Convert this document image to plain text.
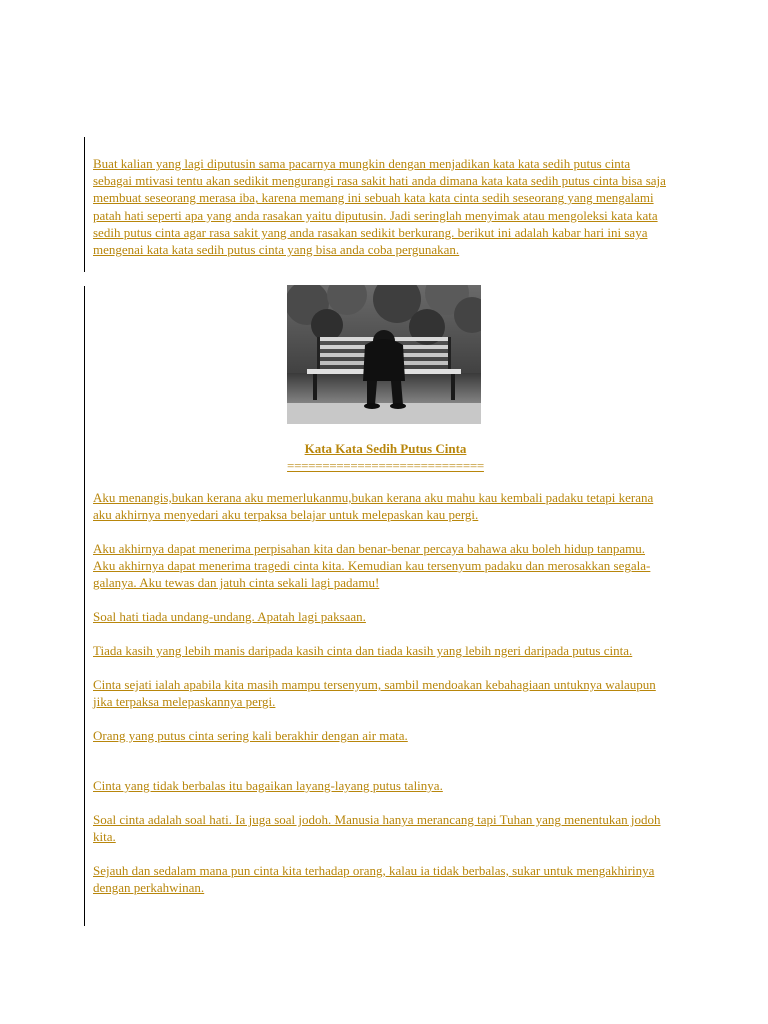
Buat kalian yang lagi diputusin sama pacarnya mungkin dengan menjadikan kata kata sedih putus cinta sebagai mtivasi tentu akan sedikit mengurangi rasa sakit hati anda dimana kata kata sedih putus cinta bisa saja membuat seseorang merasa iba, karena memang ini sebuah kata kata cinta sedih seseorang yang mengalami patah hati seperti apa yang anda rasakan yaitu diputusin. Jadi seringlah menyimak atau mengoleksi kata kata sedih putus cinta agar rasa sakit yang anda rasakan sedikit berkurang. berikut ini adalah kabar hari ini saya mengenai kata kata sedih putus cinta yang bisa anda coba pergunakan.

Kata Kata Sedih Putus Cinta
============================

Aku menangis,bukan kerana aku memerlukanmu,bukan kerana aku mahu kau kembali padaku tetapi kerana aku akhirnya menyedari aku terpaksa belajar untuk melepaskan kau pergi.

Aku akhirnya dapat menerima perpisahan kita dan benar-benar percaya bahawa aku boleh hidup tanpamu. Aku akhirnya dapat menerima tragedi cinta kita. Kemudian kau tersenyum padaku dan merosakkan segala-galanya. Aku tewas dan jatuh cinta sekali lagi padamu!

Soal hati tiada undang-undang. Apatah lagi paksaan.

Tiada kasih yang lebih manis daripada kasih cinta dan tiada kasih yang lebih ngeri daripada putus cinta.

Cinta sejati ialah apabila kita masih mampu tersenyum, sambil mendoakan kebahagiaan untuknya walaupun jika terpaksa melepaskannya pergi.

Orang yang putus cinta sering kali berakhir dengan air mata.

Cinta yang tidak berbalas itu bagaikan layang-layang putus talinya.

Soal cinta adalah soal hati. Ia juga soal jodoh. Manusia hanya merancang tapi Tuhan yang menentukan jodoh kita.

Sejauh dan sedalam mana pun cinta kita terhadap orang, kalau ia tidak berbalas, sukar untuk mengakhirinya dengan perkahwinan.
